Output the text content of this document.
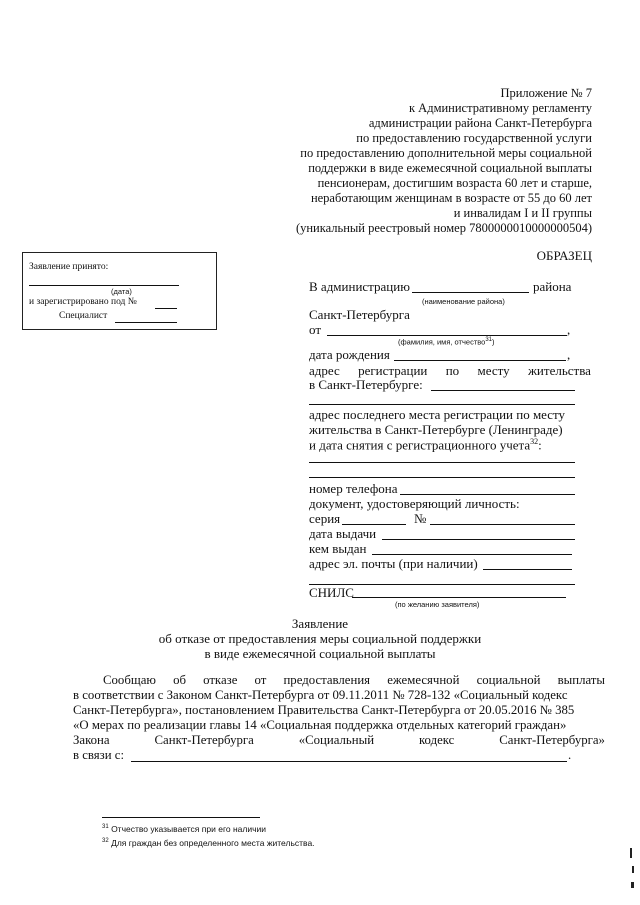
Приложение № 7
к Административному регламенту
администрации района Санкт-Петербурга
по предоставлению государственной услуги
по предоставлению дополнительной меры социальной
поддержки в виде ежемесячной социальной выплаты
пенсионерам, достигшим возраста 60 лет и старше,
неработающим женщинам в возрасте от 55 до 60 лет
и инвалидам I и II группы
(уникальный реестровый номер 7800000010000000504)
ОБРАЗЕЦ
Заявление принято:
(дата)
и зарегистрировано под №
Специалист
В администрацию	района
(наименование района)
Санкт-Петербурга
от	,
(фамилия, имя, отчество$^{31}$)
дата рождения	,
адрес регистрации по месту жительства
в Санкт-Петербурге:
адрес последнего места регистрации по месту
жительства в Санкт-Петербурге (Ленинграде)
и дата снятия с регистрационного учета$^{32}$:
номер телефона
документ, удостоверяющий личность:
серия	№
дата выдачи
кем выдан
адрес эл. почты (при наличии)
СНИЛС
(по желанию заявителя)
Заявление
об отказе от предоставления меры социальной поддержки
в виде ежемесячной социальной выплаты
Сообщаю об отказе от предоставления ежемесячной социальной выплаты
в соответствии с Законом Санкт-Петербурга от 09.11.2011 № 728-132 «Социальный кодекс
Санкт-Петербурга», постановлением Правительства Санкт-Петербурга от 20.05.2016 № 385
«О мерах по реализации главы 14 «Социальная поддержка отдельных категорий граждан»
Закона	Санкт-Петербурга	«Социальный	кодекс	Санкт-Петербурга»
в связи с:	.
$^{31}$ Отчество указывается при его наличии
$^{32}$ Для граждан без определенного места жительства.
